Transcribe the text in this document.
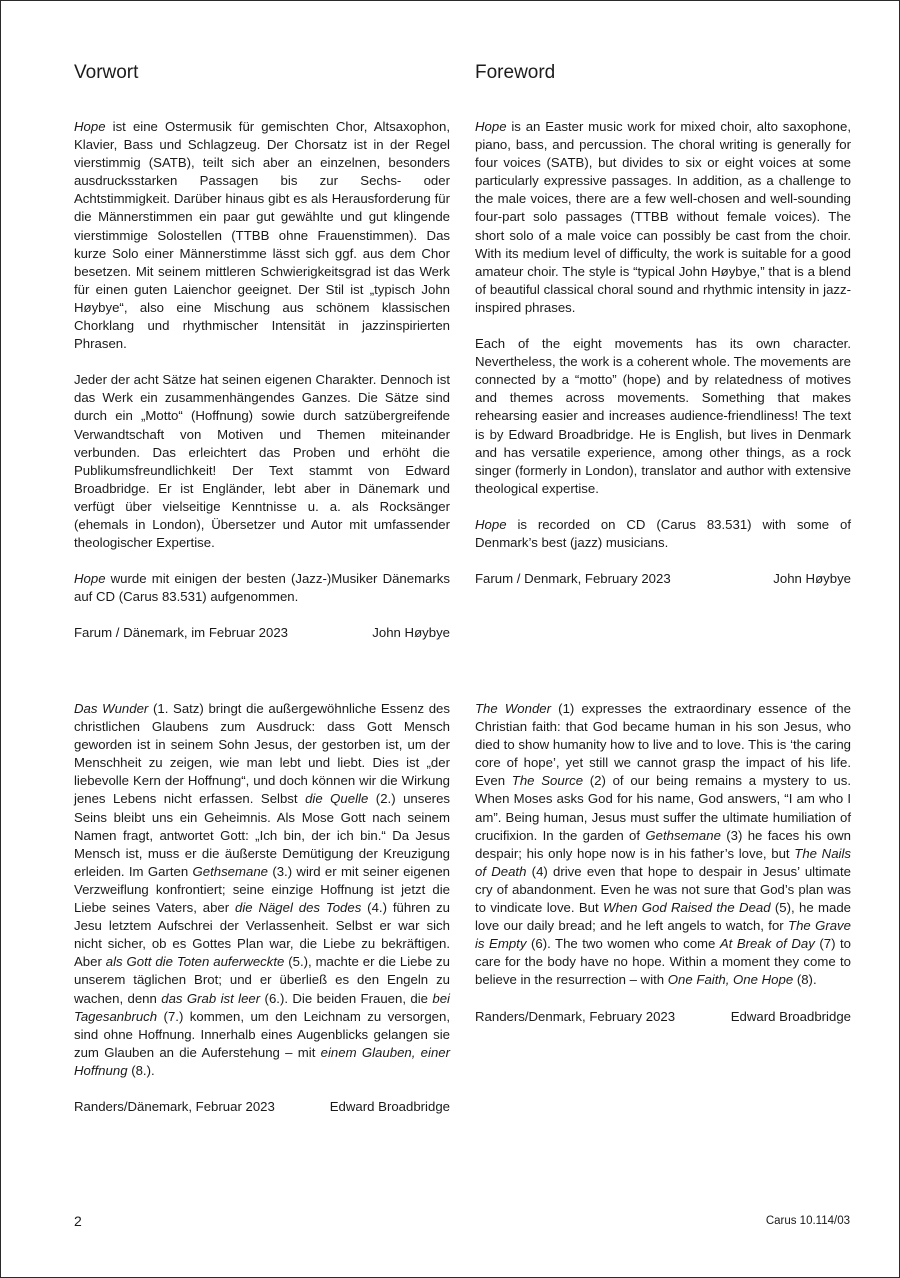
Vorwort

Hope ist eine Ostermusik für gemischten Chor, Altsaxophon, Klavier, Bass und Schlagzeug. Der Chorsatz ist in der Regel vierstimmig (SATB), teilt sich aber an einzelnen, besonders ausdrucksstarken Passagen bis zur Sechs- oder Achtstimmigkeit. Darüber hinaus gibt es als Herausforderung für die Männerstimmen ein paar gut gewählte und gut klingende vierstimmige Solostellen (TTBB ohne Frauenstimmen). Das kurze Solo einer Männerstimme lässt sich ggf. aus dem Chor besetzen. Mit seinem mittleren Schwierigkeitsgrad ist das Werk für einen guten Laienchor geeignet. Der Stil ist „typisch John Høybye“, also eine Mischung aus schönem klassischen Chorklang und rhythmischer Intensität in jazzinspirierten Phrasen.

Jeder der acht Sätze hat seinen eigenen Charakter. Dennoch ist das Werk ein zusammenhängendes Ganzes. Die Sätze sind durch ein „Motto“ (Hoffnung) sowie durch satzübergreifende Verwandtschaft von Motiven und Themen miteinander verbunden. Das erleichtert das Proben und erhöht die Publikumsfreundlichkeit! Der Text stammt von Edward Broadbridge. Er ist Engländer, lebt aber in Dänemark und verfügt über vielseitige Kenntnisse u. a. als Rocksänger (ehemals in London), Übersetzer und Autor mit umfassender theologischer Expertise.

Hope wurde mit einigen der besten (Jazz-)Musiker Dänemarks auf CD (Carus 83.531) aufgenommen.

Farum / Dänemark, im Februar 2023	John Høybye

Das Wunder (1. Satz) bringt die außergewöhnliche Essenz des christlichen Glaubens zum Ausdruck: dass Gott Mensch geworden ist in seinem Sohn Jesus, der gestorben ist, um der Menschheit zu zeigen, wie man lebt und liebt. Dies ist „der liebevolle Kern der Hoffnung“, und doch können wir die Wirkung jenes Lebens nicht erfassen. Selbst die Quelle (2.) unseres Seins bleibt uns ein Geheimnis. Als Mose Gott nach seinem Namen fragt, antwortet Gott: „Ich bin, der ich bin.“ Da Jesus Mensch ist, muss er die äußerste Demütigung der Kreuzigung erleiden. Im Garten Gethsemane (3.) wird er mit seiner eigenen Verzweiflung konfrontiert; seine einzige Hoffnung ist jetzt die Liebe seines Vaters, aber die Nägel des Todes (4.) führen zu Jesu letztem Aufschrei der Verlassenheit. Selbst er war sich nicht sicher, ob es Gottes Plan war, die Liebe zu bekräftigen. Aber als Gott die Toten auferweckte (5.), machte er die Liebe zu unserem täglichen Brot; und er überließ es den Engeln zu wachen, denn das Grab ist leer (6.). Die beiden Frauen, die bei Tagesanbruch (7.) kommen, um den Leichnam zu versorgen, sind ohne Hoffnung. Innerhalb eines Augenblicks gelangen sie zum Glauben an die Auferstehung – mit einem Glauben, einer Hoffnung (8.).

Randers/Dänemark, Februar 2023	Edward Broadbridge
Foreword

Hope is an Easter music work for mixed choir, alto saxophone, piano, bass, and percussion. The choral writing is generally for four voices (SATB), but divides to six or eight voices at some particularly expressive passages. In addition, as a challenge to the male voices, there are a few well-chosen and well-sounding four-part solo passages (TTBB without female voices). The short solo of a male voice can possibly be cast from the choir. With its medium level of difficulty, the work is suitable for a good amateur choir. The style is “typical John Høybye,” that is a blend of beautiful classical choral sound and rhythmic intensity in jazz-inspired phrases.

Each of the eight movements has its own character. Nevertheless, the work is a coherent whole. The movements are connected by a “motto” (hope) and by relatedness of motives and themes across movements. Something that makes rehearsing easier and increases audience-friendliness! The text is by Edward Broadbridge. He is English, but lives in Denmark and has versatile experience, among other things, as a rock singer (formerly in London), translator and author with extensive theological expertise.

Hope is recorded on CD (Carus 83.531) with some of Denmark’s best (jazz) musicians.

Farum / Denmark, February 2023	John Høybye

The Wonder (1) expresses the extraordinary essence of the Christian faith: that God became human in his son Jesus, who died to show humanity how to live and to love. This is ‘the caring core of hope’, yet still we cannot grasp the impact of his life. Even The Source (2) of our being remains a mystery to us. When Moses asks God for his name, God answers, “I am who I am”. Being human, Jesus must suffer the ultimate humiliation of crucifixion. In the garden of Gethsemane (3) he faces his own despair; his only hope now is in his father’s love, but The Nails of Death (4) drive even that hope to despair in Jesus’ ultimate cry of abandonment. Even he was not sure that God’s plan was to vindicate love. But When God Raised the Dead (5), he made love our daily bread; and he left angels to watch, for The Grave is Empty (6). The two women who come At Break of Day (7) to care for the body have no hope. Within a moment they come to believe in the resurrection – with One Faith, One Hope (8).

Randers/Denmark, February 2023	Edward Broadbridge
2	Carus 10.114/03
